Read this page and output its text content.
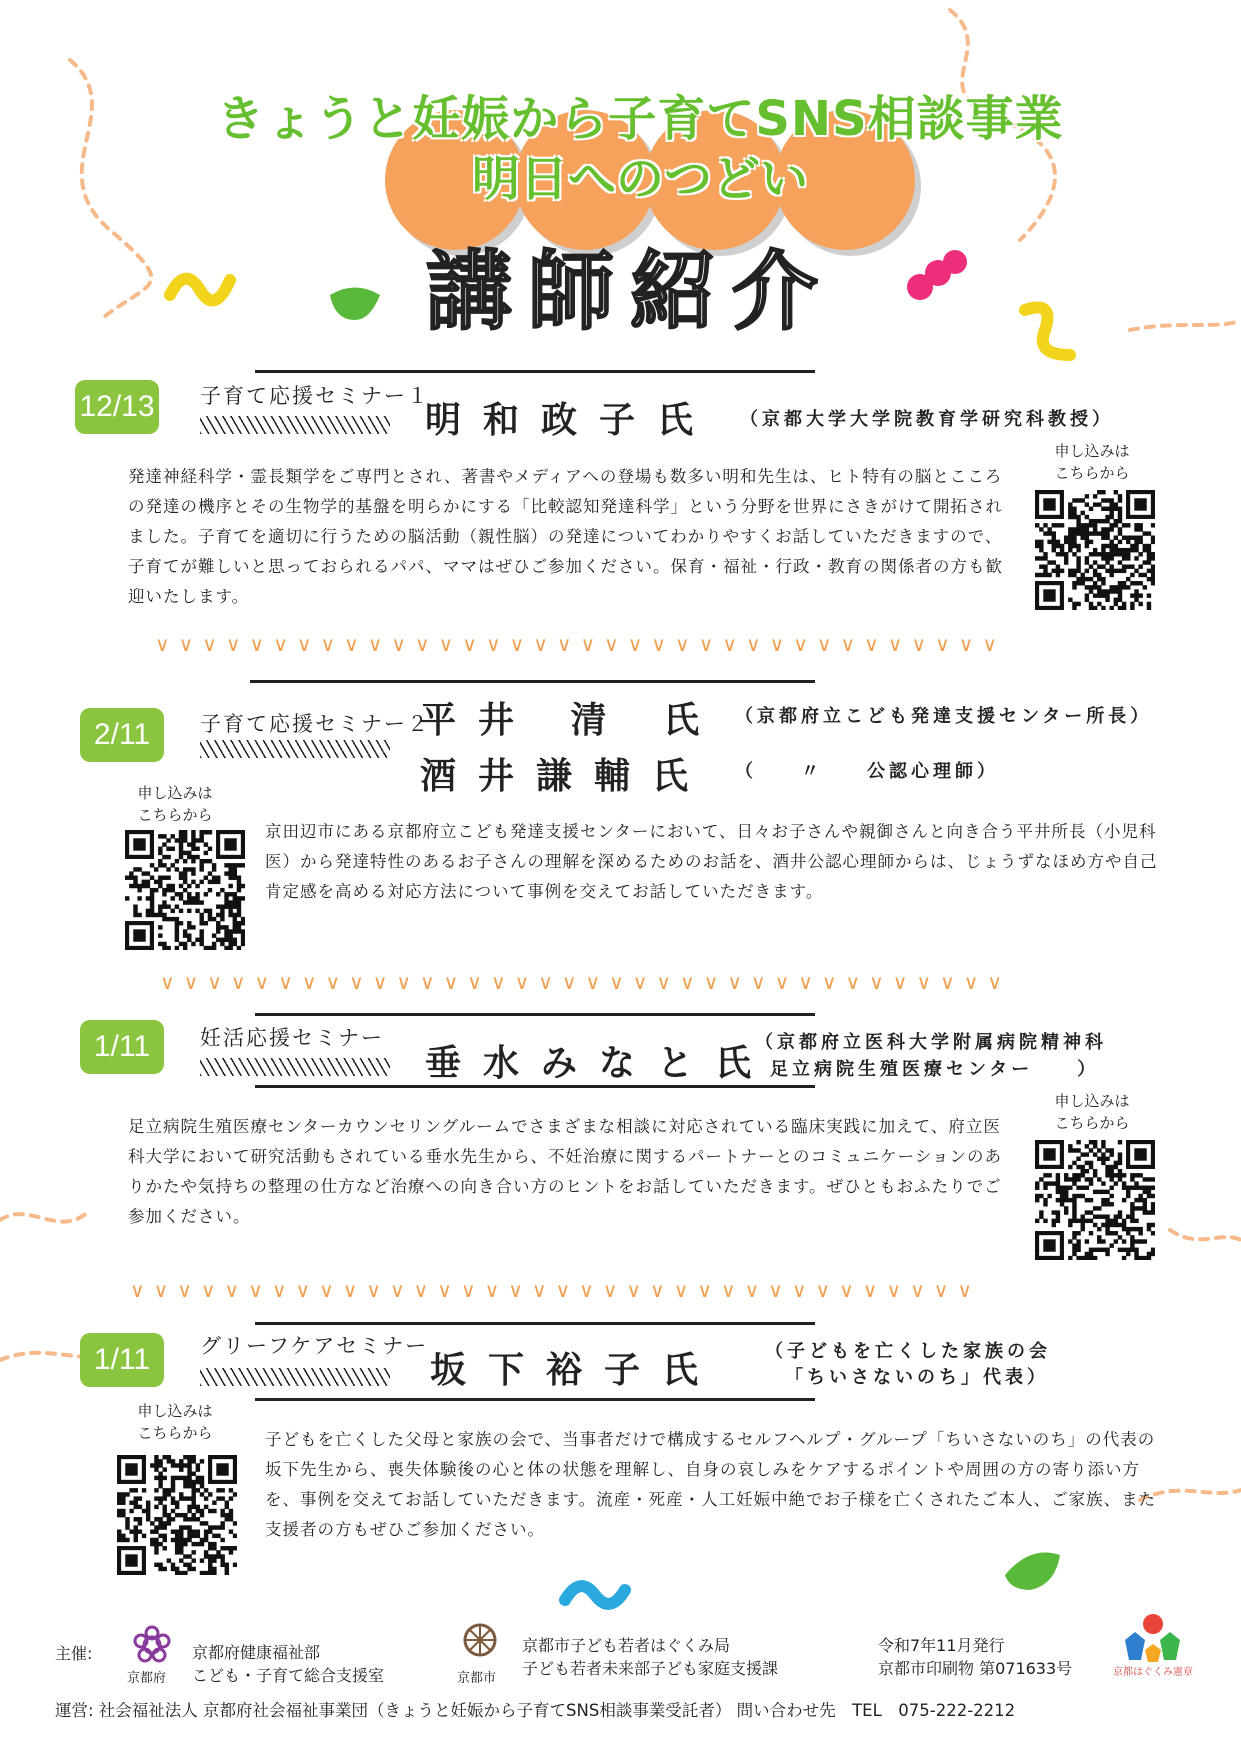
きょうと妊娠から子育てSNS相談事業
明日へのつどい
講師紹介
12/13 子育て応援セミナー１
明和政子氏 （京都大学大学院教育学研究科教授）
発達神経科学・霊長類学をご専門とされ、著書やメディアへの登場も数多い明和先生は、ヒト特有の脳とこころの発達の機序とその生物学的基盤を明らかにする「比較認知発達科学」という分野を世界にさきがけて開拓されました。子育てを適切に行うための脳活動（親性脳）の発達についてわかりやすくお話していただきますので、子育てが難しいと思っておられるパパ、ママはぜひご参加ください。保育・福祉・行政・教育の関係者の方も歓迎いたします。
申し込みは
こちらから
∨∨∨∨∨∨∨∨∨∨∨∨∨∨∨∨∨∨∨∨∨∨∨∨∨∨∨∨∨∨∨∨∨∨∨∨
2/11	子育て応援セミナー２
平井 清 氏
酒井謙輔氏
（京都府立こども発達支援センター所長）
（　　〃　　公認心理師）
申し込みは
こちらから
京田辺市にある京都府立こども発達支援センターにおいて、日々お子さんや親御さんと向き合う平井所長（小児科医）から発達特性のあるお子さんの理解を深めるためのお話を、酒井公認心理師からは、じょうずなほめ方や自己肯定感を高める対応方法について事例を交えてお話していただきます。
∨∨∨∨∨∨∨∨∨∨∨∨∨∨∨∨∨∨∨∨∨∨∨∨∨∨∨∨∨∨∨∨∨∨∨∨
1/11	妊活応援セミナー
垂水みなと氏
（京都府立医科大学附属病院精神科
足立病院生殖医療センター　　）
申し込みは
こちらから
足立病院生殖医療センターカウンセリングルームでさまざまな相談に対応されている臨床実践に加えて、府立医科大学において研究活動もされている垂水先生から、不妊治療に関するパートナーとのコミュニケーションのありかたや気持ちの整理の仕方など治療への向き合い方のヒントをお話していただきます。ぜひともおふたりでご参加ください。
∨∨∨∨∨∨∨∨∨∨∨∨∨∨∨∨∨∨∨∨∨∨∨∨∨∨∨∨∨∨∨∨∨∨∨∨
1/11	グリーフケアセミナー
坂下裕子氏 （子どもを亡くした家族の会
「ちいさないのち」代表）
申し込みは
こちらから	子どもを亡くした父母と家族の会で、当事者だけで構成するセルフヘルプ・グループ「ちいさないのち」の代表の坂下先生から、喪失体験後の心と体の状態を理解し、自身の哀しみをケアするポイントや周囲の方の寄り添い方を、事例を交えてお話していただきます。流産・死産・人工妊娠中絶でお子様を亡くされたご本人、ご家族、また支援者の方もぜひご参加ください。
主催:
京都府
京都府健康福祉部
こども・子育て総合支援室	京都市
京都市子ども若者はぐくみ局
子ども若者未来部子ども家庭支援課
令和7年11月発行
京都市印刷物 第071633号	京都はぐくみ憲章
運営: 社会福祉法人 京都府社会福祉事業団（きょうと妊娠から子育てSNS相談事業受託者） 問い合わせ先　TEL　075-222-2212
